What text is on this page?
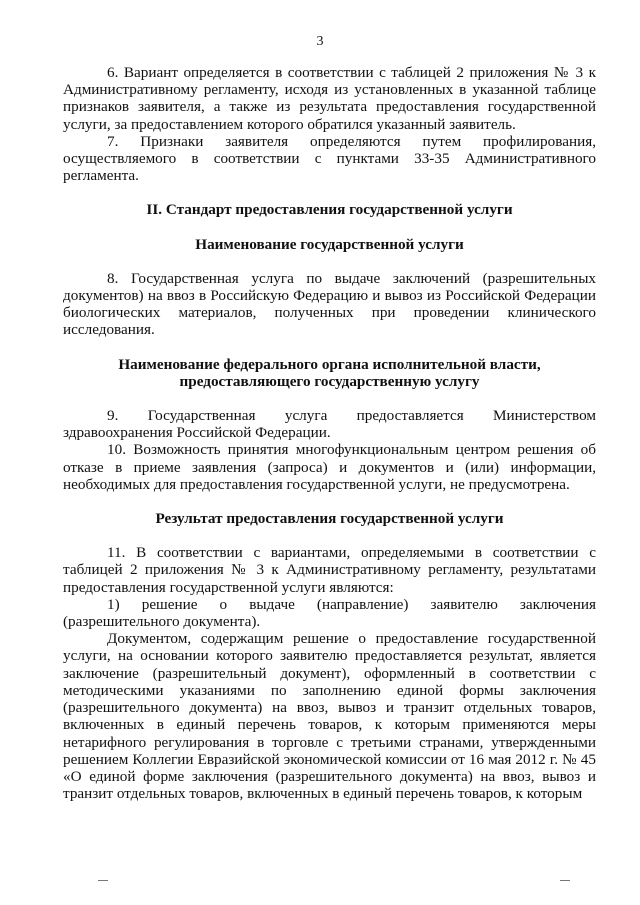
3

6. Вариант определяется в соответствии с таблицей 2 приложения № 3 к Административному регламенту, исходя из установленных в указанной таблице признаков заявителя, а также из результата предоставления государственной услуги, за предоставлением которого обратился указанный заявитель.

7. Признаки заявителя определяются путем профилирования, осуществляемого в соответствии с пунктами 33-35 Административного регламента.

II. Стандарт предоставления государственной услуги

Наименование государственной услуги

8. Государственная услуга по выдаче заключений (разрешительных документов) на ввоз в Российскую Федерацию и вывоз из Российской Федерации биологических материалов, полученных при проведении клинического исследования.

Наименование федерального органа исполнительной власти,
предоставляющего государственную услугу

9. Государственная услуга предоставляется Министерством здравоохранения Российской Федерации.

10. Возможность принятия многофункциональным центром решения об отказе в приеме заявления (запроса) и документов и (или) информации, необходимых для предоставления государственной услуги, не предусмотрена.

Результат предоставления государственной услуги

11. В соответствии с вариантами, определяемыми в соответствии с таблицей 2 приложения № 3 к Административному регламенту, результатами предоставления государственной услуги являются:

1) решение о выдаче (направление) заявителю заключения (разрешительного документа).

Документом, содержащим решение о предоставление государственной услуги, на основании которого заявителю предоставляется результат, является заключение (разрешительный документ), оформленный в соответствии с методическими указаниями по заполнению единой формы заключения (разрешительного документа) на ввоз, вывоз и транзит отдельных товаров, включенных в единый перечень товаров, к которым применяются меры нетарифного регулирования в торговле с третьими странами, утвержденными решением Коллегии Евразийской экономической комиссии от 16 мая 2012 г. № 45 «О единой форме заключения (разрешительного документа) на ввоз, вывоз и транзит отдельных товаров, включенных в единый перечень товаров, к которым
